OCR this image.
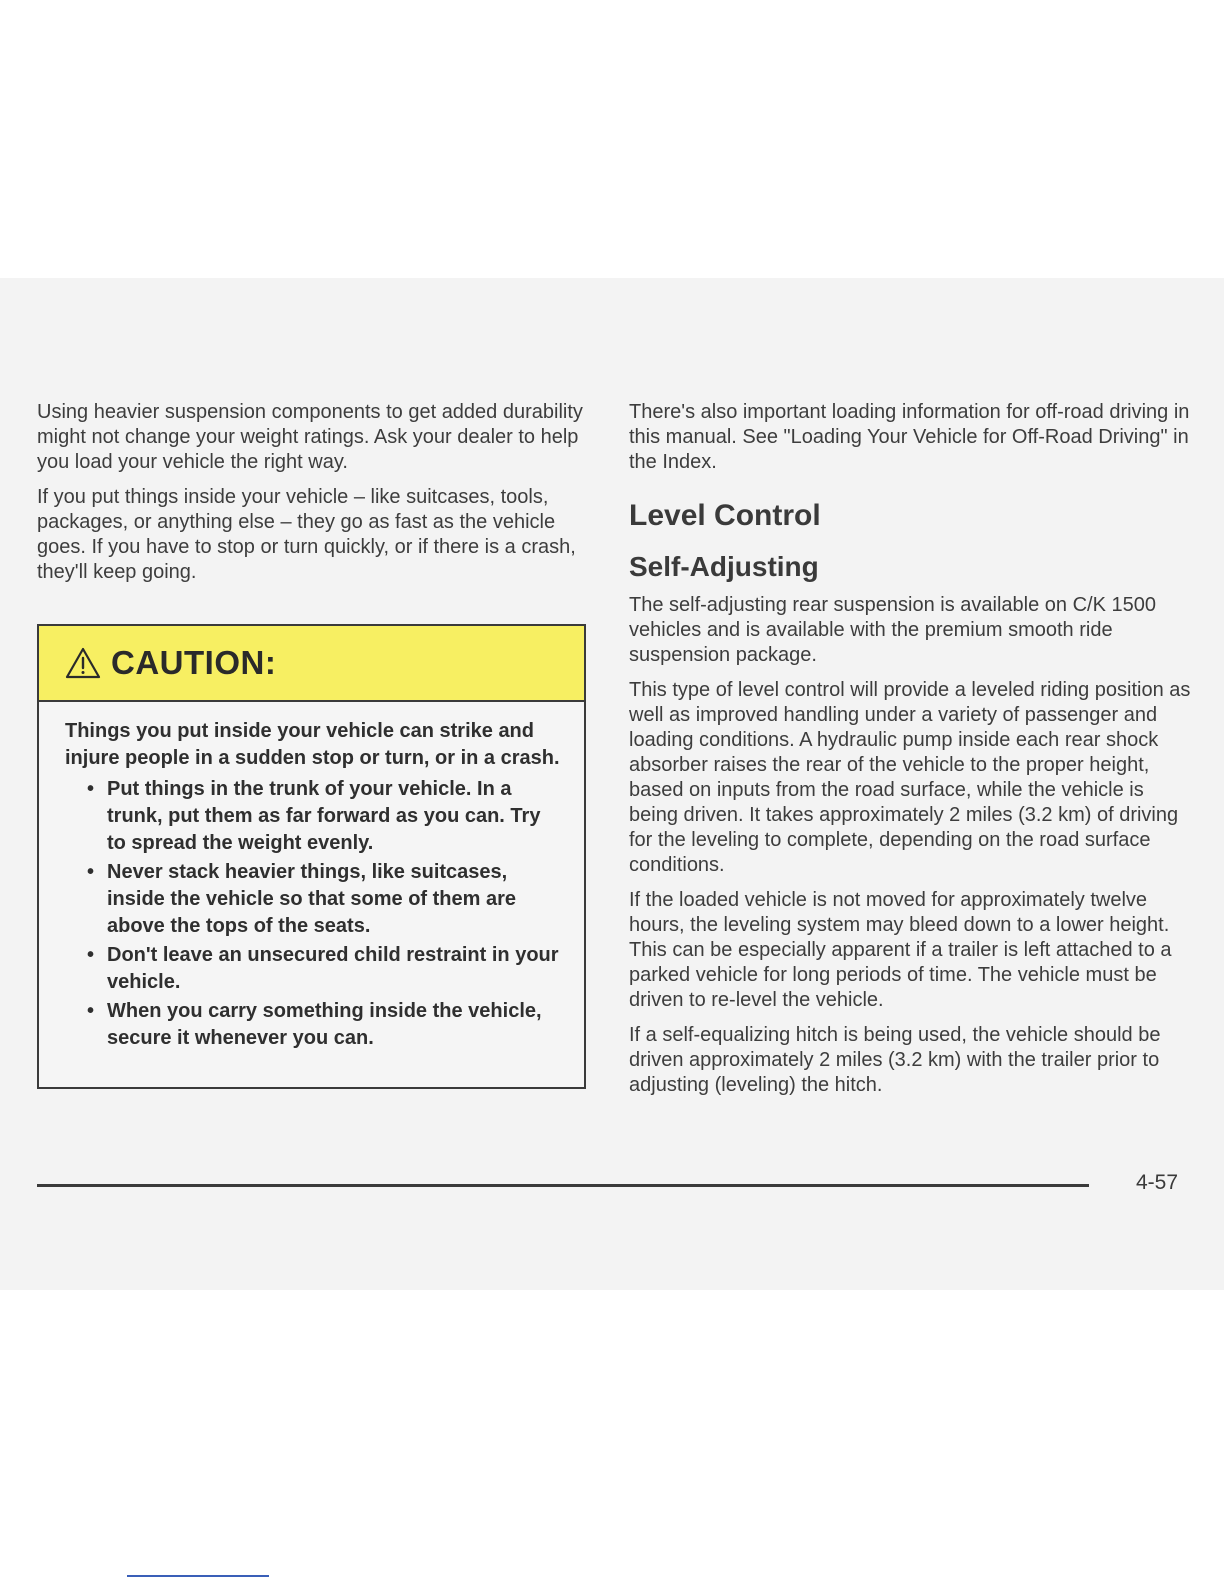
Using heavier suspension components to get added durability might not change your weight ratings. Ask your dealer to help you load your vehicle the right way.

If you put things inside your vehicle – like suitcases, tools, packages, or anything else – they go as fast as the vehicle goes. If you have to stop or turn quickly, or if there is a crash, they'll keep going.

CAUTION:

Things you put inside your vehicle can strike and injure people in a sudden stop or turn, or in a crash.

• Put things in the trunk of your vehicle. In a trunk, put them as far forward as you can. Try to spread the weight evenly.
• Never stack heavier things, like suitcases, inside the vehicle so that some of them are above the tops of the seats.
• Don't leave an unsecured child restraint in your vehicle.
• When you carry something inside the vehicle, secure it whenever you can.

There's also important loading information for off-road driving in this manual. See "Loading Your Vehicle for Off-Road Driving" in the Index.

Level Control
Self-Adjusting

The self-adjusting rear suspension is available on C/K 1500 vehicles and is available with the premium smooth ride suspension package.

This type of level control will provide a leveled riding position as well as improved handling under a variety of passenger and loading conditions. A hydraulic pump inside each rear shock absorber raises the rear of the vehicle to the proper height, based on inputs from the road surface, while the vehicle is being driven. It takes approximately 2 miles (3.2 km) of driving for the leveling to complete, depending on the road surface conditions.

If the loaded vehicle is not moved for approximately twelve hours, the leveling system may bleed down to a lower height. This can be especially apparent if a trailer is left attached to a parked vehicle for long periods of time. The vehicle must be driven to re-level the vehicle.

If a self-equalizing hitch is being used, the vehicle should be driven approximately 2 miles (3.2 km) with the trailer prior to adjusting (leveling) the hitch.

4-57
